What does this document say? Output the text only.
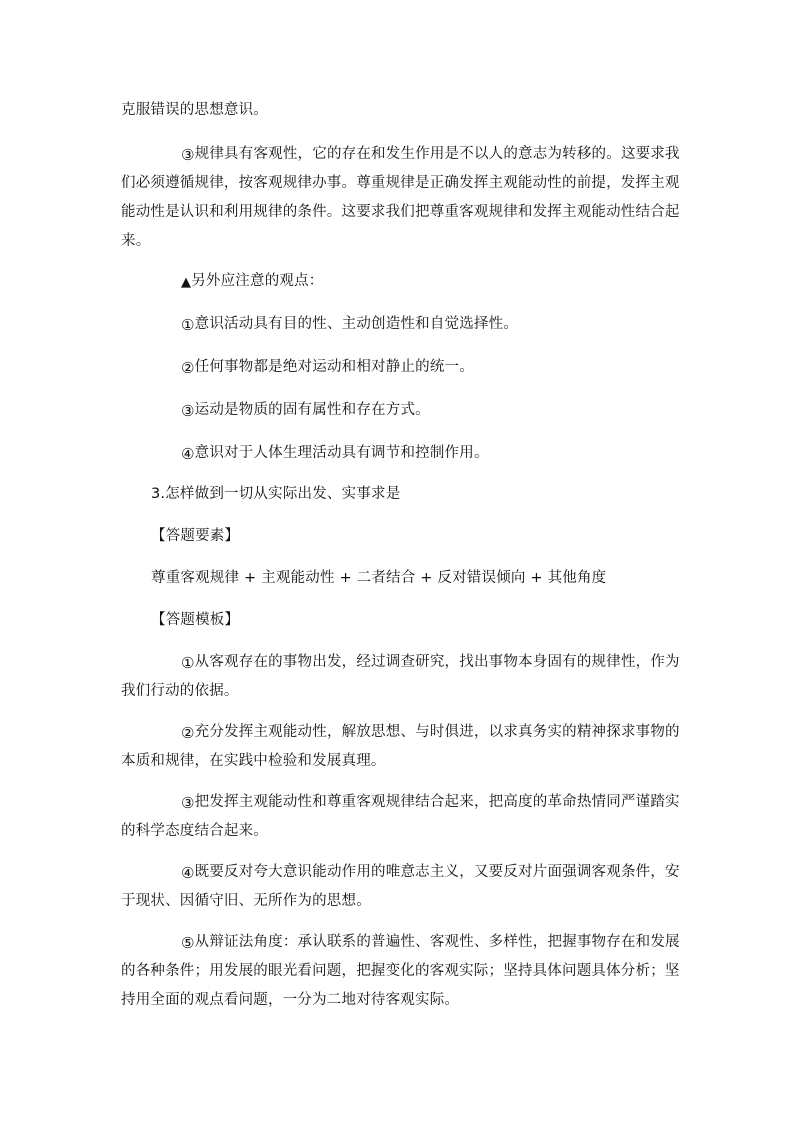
克服错误的思想意识。
③规律具有客观性，它的存在和发生作用是不以人的意志为转移的。这要求我们必须遵循规律，按客观规律办事。尊重规律是正确发挥主观能动性的前提，发挥主观能动性是认识和利用规律的条件。这要求我们把尊重客观规律和发挥主观能动性结合起来。
▲另外应注意的观点：
①意识活动具有目的性、主动创造性和自觉选择性。
②任何事物都是绝对运动和相对静止的统一。
③运动是物质的固有属性和存在方式。
④意识对于人体生理活动具有调节和控制作用。
3.怎样做到一切从实际出发、实事求是
【答题要素】
尊重客观规律 + 主观能动性 + 二者结合 + 反对错误倾向 + 其他角度
【答题模板】
①从客观存在的事物出发，经过调查研究，找出事物本身固有的规律性，作为我们行动的依据。
②充分发挥主观能动性，解放思想、与时俱进，以求真务实的精神探求事物的本质和规律，在实践中检验和发展真理。
③把发挥主观能动性和尊重客观规律结合起来，把高度的革命热情同严谨踏实的科学态度结合起来。
④既要反对夸大意识能动作用的唯意志主义，又要反对片面强调客观条件，安于现状、因循守旧、无所作为的思想。
⑤从辩证法角度：承认联系的普遍性、客观性、多样性，把握事物存在和发展的各种条件；用发展的眼光看问题，把握变化的客观实际；坚持具体问题具体分析；坚持用全面的观点看问题，一分为二地对待客观实际。
